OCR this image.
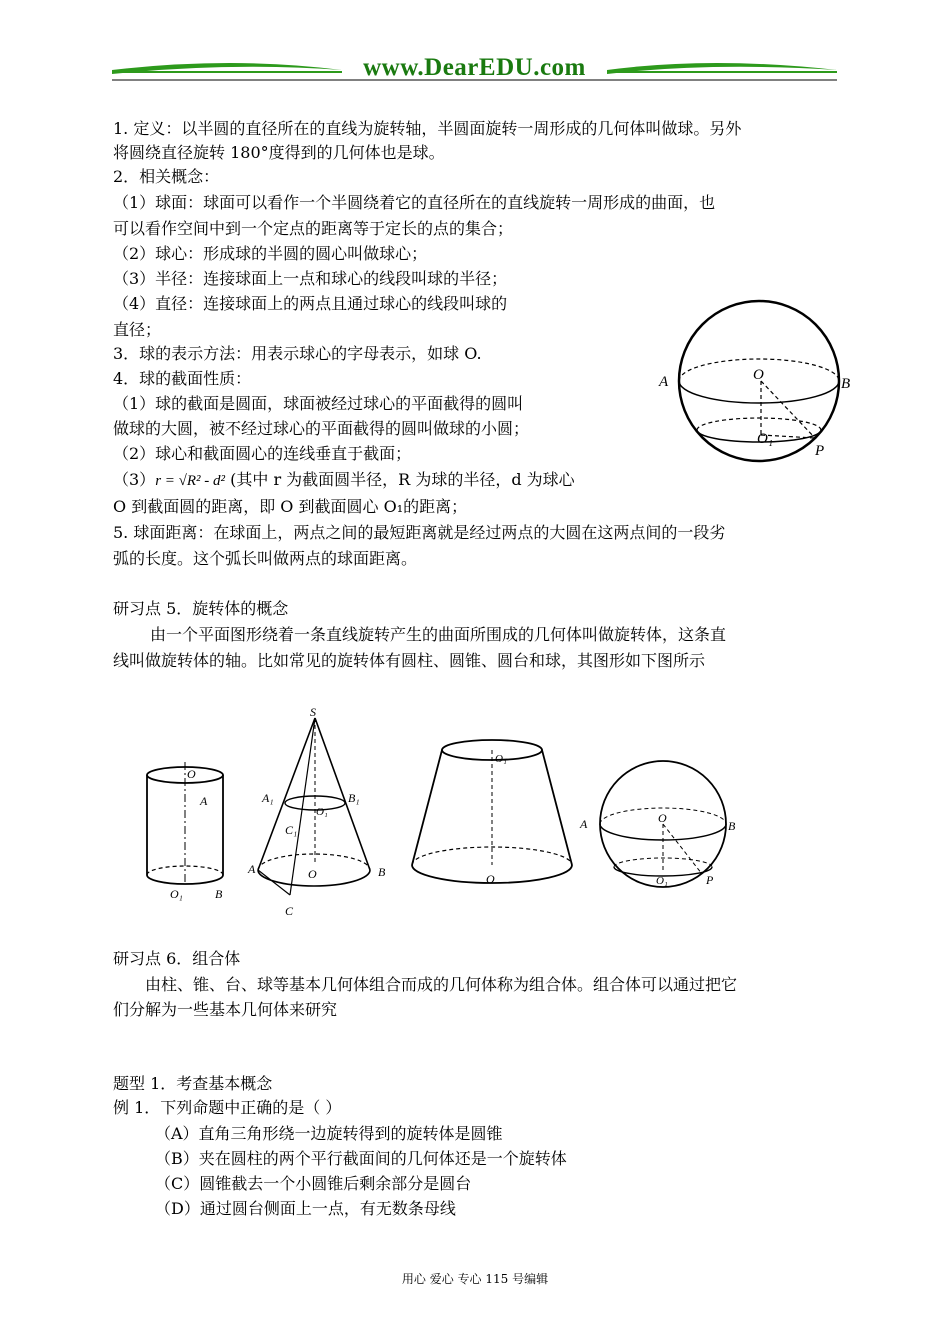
www.DearEDU.com
1. 定义：以半圆的直径所在的直线为旋转轴，半圆面旋转一周形成的几何体叫做球。另外
将圆绕直径旋转 180°度得到的几何体也是球。
2．相关概念：
（1）球面：球面可以看作一个半圆绕着它的直径所在的直线旋转一周形成的曲面，也
可以看作空间中到一个定点的距离等于定长的点的集合；
（2）球心：形成球的半圆的圆心叫做球心；
（3）半径：连接球面上一点和球心的线段叫球的半径；
（4）直径：连接球面上的两点且通过球心的线段叫球的
直径；
3．球的表示方法：用表示球心的字母表示，如球 O.
4．球的截面性质：
（1）球的截面是圆面，球面被经过球心的平面截得的圆叫
做球的大圆，被不经过球心的平面截得的圆叫做球的小圆；
（2）球心和截面圆心的连线垂直于截面；
（3）r = √R² - d² (其中 r 为截面圆半径，R 为球的半径，d 为球心
O 到截面圆的距离，即 O 到截面圆心 O₁的距离；
5. 球面距离：在球面上，两点之间的最短距离就是经过两点的大圆在这两点间的一段劣
弧的长度。这个弧长叫做两点的球面距离。
研习点 5．旋转体的概念
由一个平面图形绕着一条直线旋转产生的曲面所围成的几何体叫做旋转体，这条直
线叫做旋转体的轴。比如常见的旋转体有圆柱、圆锥、圆台和球，其图形如下图所示
研习点 6．组合体
由柱、锥、台、球等基本几何体组合而成的几何体称为组合体。组合体可以通过把它
们分解为一些基本几何体来研究
题型 1．考查基本概念
例 1．下列命题中正确的是（ ）
（A）直角三角形绕一边旋转得到的旋转体是圆锥
（B）夹在圆柱的两个平行截面间的几何体还是一个旋转体
（C）圆锥截去一个小圆锥后剩余部分是圆台
（D）通过圆台侧面上一点，有无数条母线
A	B
O
O₁
P
O
A
O₁	B
S
A₁	B₁
O₁
C₁
A	O	B
C
O₁
O
A	O
B
O₁	P
用心 爱心 专心 115 号编辑
